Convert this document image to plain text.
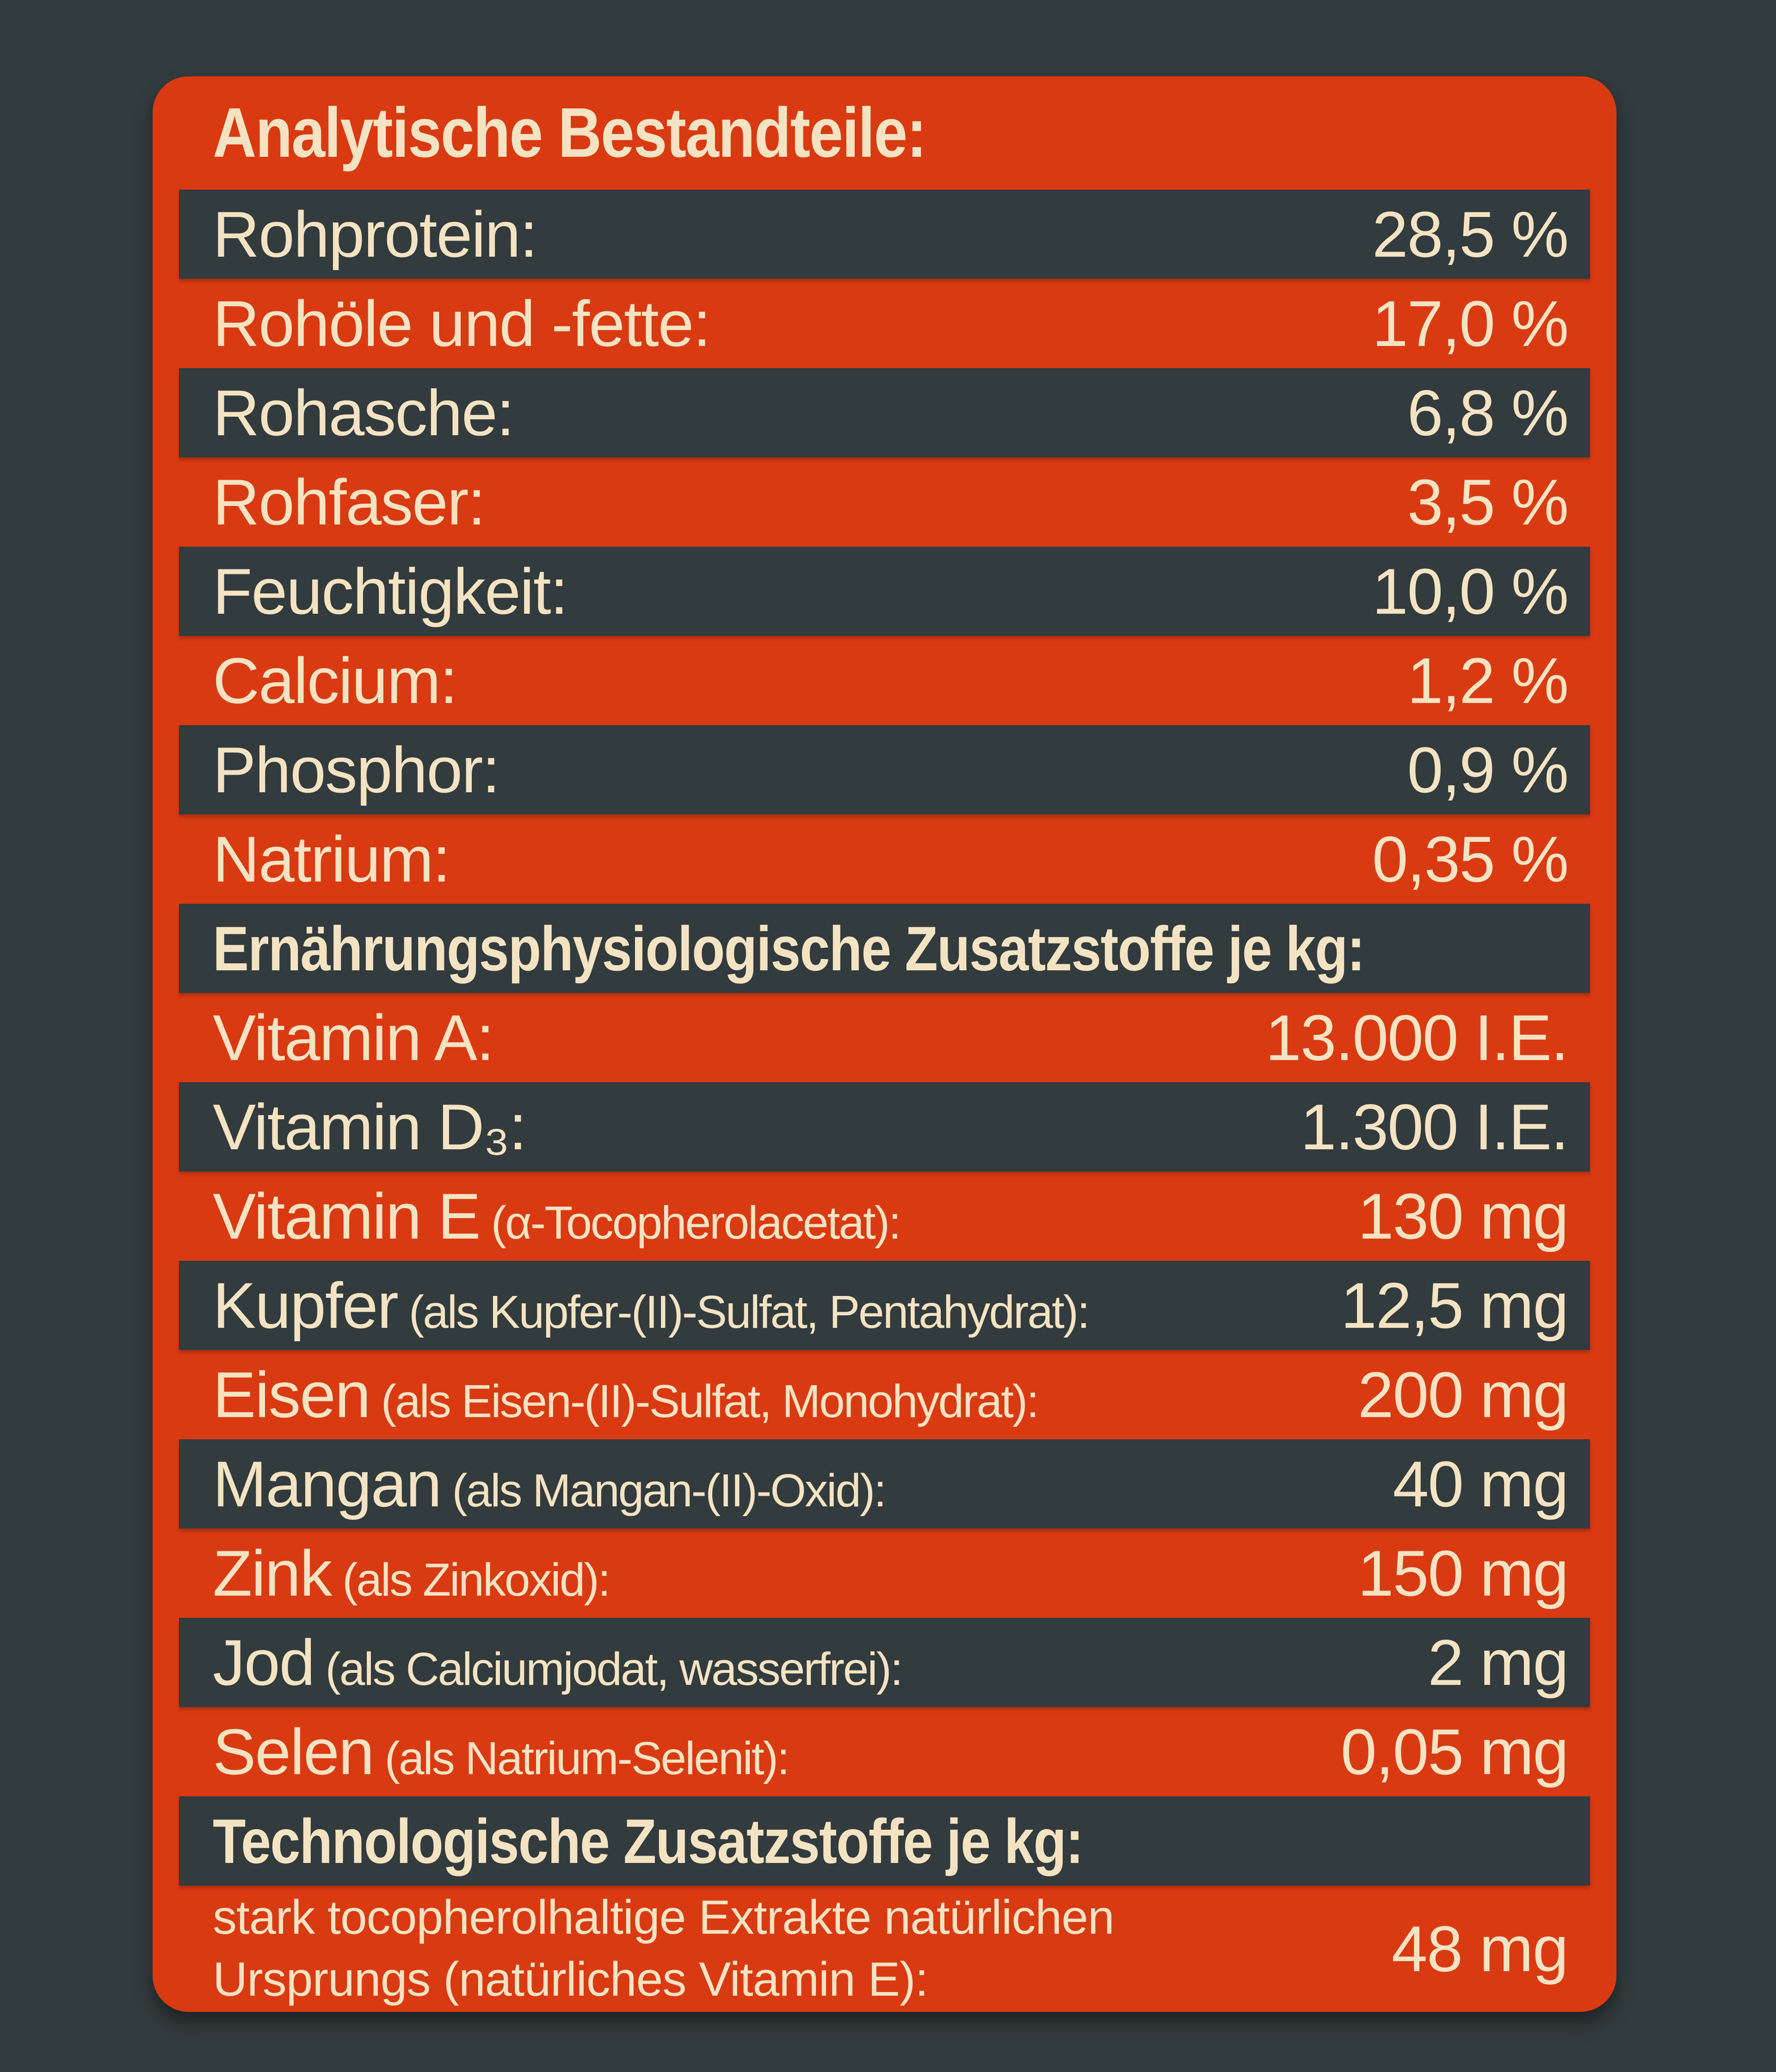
Analytische Bestandteile:
Rohprotein:	28,5 %
Rohöle und -fette:	17,0 %
Rohasche:	6,8 %
Rohfaser:	3,5 %
Feuchtigkeit:	10,0 %
Calcium:	1,2 %
Phosphor:	0,9 %
Natrium:	0,35 %
Ernährungsphysiologische Zusatzstoffe je kg:
Vitamin A:	13.000 I.E.
Vitamin D₃:	1.300 I.E.
Vitamin E (α-Tocopherolacetat):	130 mg
Kupfer (als Kupfer-(II)-Sulfat, Pentahydrat):	12,5 mg
Eisen (als Eisen-(II)-Sulfat, Monohydrat):	200 mg
Mangan (als Mangan-(II)-Oxid):	40 mg
Zink (als Zinkoxid):	150 mg
Jod (als Calciumjodat, wasserfrei):	2 mg
Selen (als Natrium-Selenit):	0,05 mg
Technologische Zusatzstoffe je kg:
stark tocopherolhaltige Extrakte natürlichen
Ursprungs (natürliches Vitamin E):	48 mg
